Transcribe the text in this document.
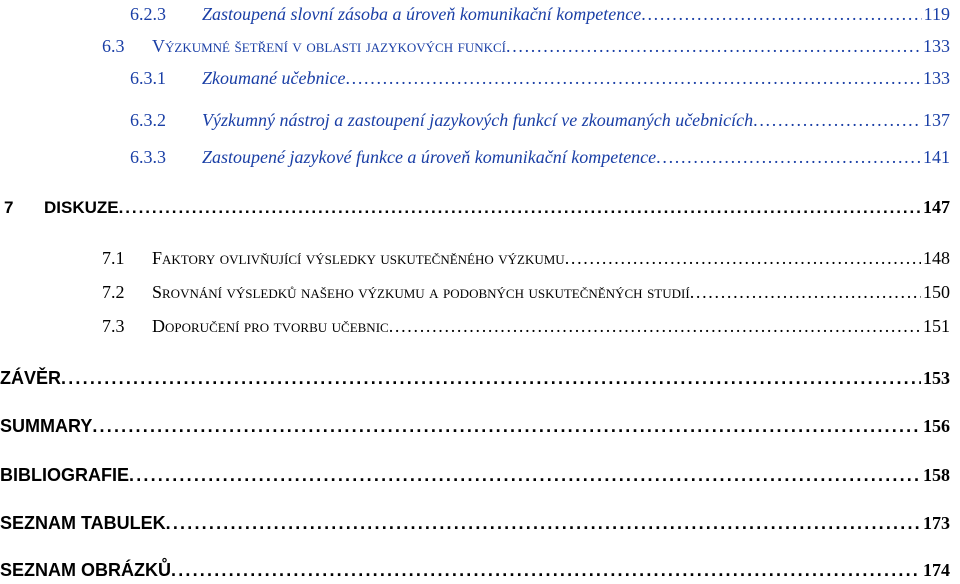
6.2.3	Zastoupená slovní zásoba a úroveň komunikační kompetence . . .	119
6.3	Výzkumné šetření v oblasti jazykových funkcí . . .	133
6.3.1	Zkoumané učebnice . . .	133
6.3.2	Výzkumný nástroj a zastoupení jazykových funkcí ve zkoumaných učebnicích . . .	137
6.3.3	Zastoupené jazykové funkce a úroveň komunikační kompetence . . .	141
7	DISKUZE . . .	147
7.1	Faktory ovlivňující výsledky uskutečněného výzkumu . . .	148
7.2	Srovnání výsledků našeho výzkumu a podobných uskutečněných studií . . .	150
7.3	Doporučení pro tvorbu učebnic . . .	151
ZÁVĚR . . .	153
SUMMARY . . .	156
BIBLIOGRAFIE . . .	158
SEZNAM TABULEK . . .	173
SEZNAM OBRÁZKŮ . . .	174
